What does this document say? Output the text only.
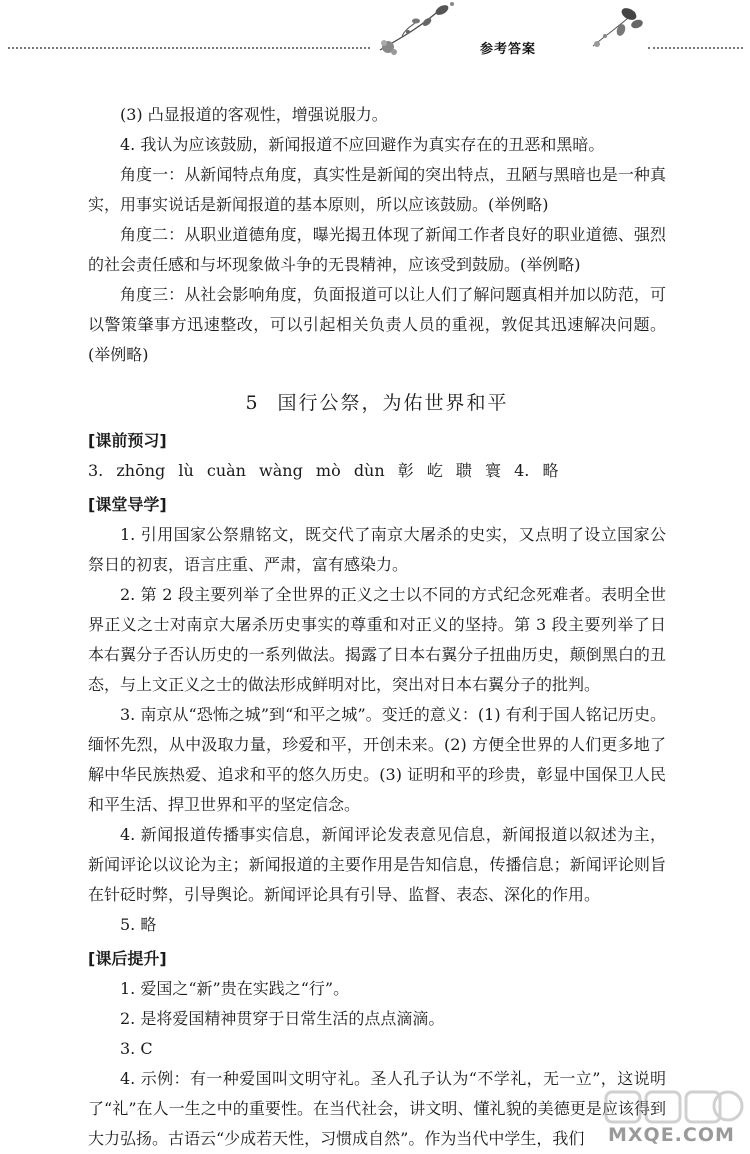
参考答案

(3) 凸显报道的客观性，增强说服力。

4. 我认为应该鼓励，新闻报道不应回避作为真实存在的丑恶和黑暗。

角度一：从新闻特点角度，真实性是新闻的突出特点，丑陋与黑暗也是一种真实，用事实说话是新闻报道的基本原则，所以应该鼓励。(举例略)

角度二：从职业道德角度，曝光揭丑体现了新闻工作者良好的职业道德、强烈的社会责任感和与坏现象做斗争的无畏精神，应该受到鼓励。(举例略)

角度三：从社会影响角度，负面报道可以让人们了解问题真相并加以防范，可以警策肇事方迅速整改，可以引起相关负责人员的重视，敦促其迅速解决问题。(举例略)

5 国行公祭，为佑世界和平
[课前预习]

3. zhōng lù cuàn wàng mò dùn 彰 屹 聩 寰 4. 略

[课堂导学]

1. 引用国家公祭鼎铭文，既交代了南京大屠杀的史实，又点明了设立国家公祭日的初衷，语言庄重、严肃，富有感染力。

2. 第 2 段主要列举了全世界的正义之士以不同的方式纪念死难者。表明全世界正义之士对南京大屠杀历史事实的尊重和对正义的坚持。第 3 段主要列举了日本右翼分子否认历史的一系列做法。揭露了日本右翼分子扭曲历史，颠倒黑白的丑态，与上文正义之士的做法形成鲜明对比，突出对日本右翼分子的批判。

3. 南京从“恐怖之城”到“和平之城”。变迁的意义：(1) 有利于国人铭记历史。缅怀先烈，从中汲取力量，珍爱和平，开创未来。(2) 方便全世界的人们更多地了解中华民族热爱、追求和平的悠久历史。(3) 证明和平的珍贵，彰显中国保卫人民和平生活、捍卫世界和平的坚定信念。

4. 新闻报道传播事实信息，新闻评论发表意见信息，新闻报道以叙述为主，新闻评论以议论为主；新闻报道的主要作用是告知信息，传播信息；新闻评论则旨在针砭时弊，引导舆论。新闻评论具有引导、监督、表态、深化的作用。

5. 略

[课后提升]

1. 爱国之“新”贵在实践之“行”。

2. 是将爱国精神贯穿于日常生活的点点滴滴。

3. C

4. 示例：有一种爱国叫文明守礼。圣人孔子认为“不学礼，无一立”，这说明了“礼”在人一生之中的重要性。在当代社会，讲文明、懂礼貌的美德更是应该得到大力弘扬。古语云“少成若天性，习惯成自然”。作为当代中学生，我们	MXQE.COM
